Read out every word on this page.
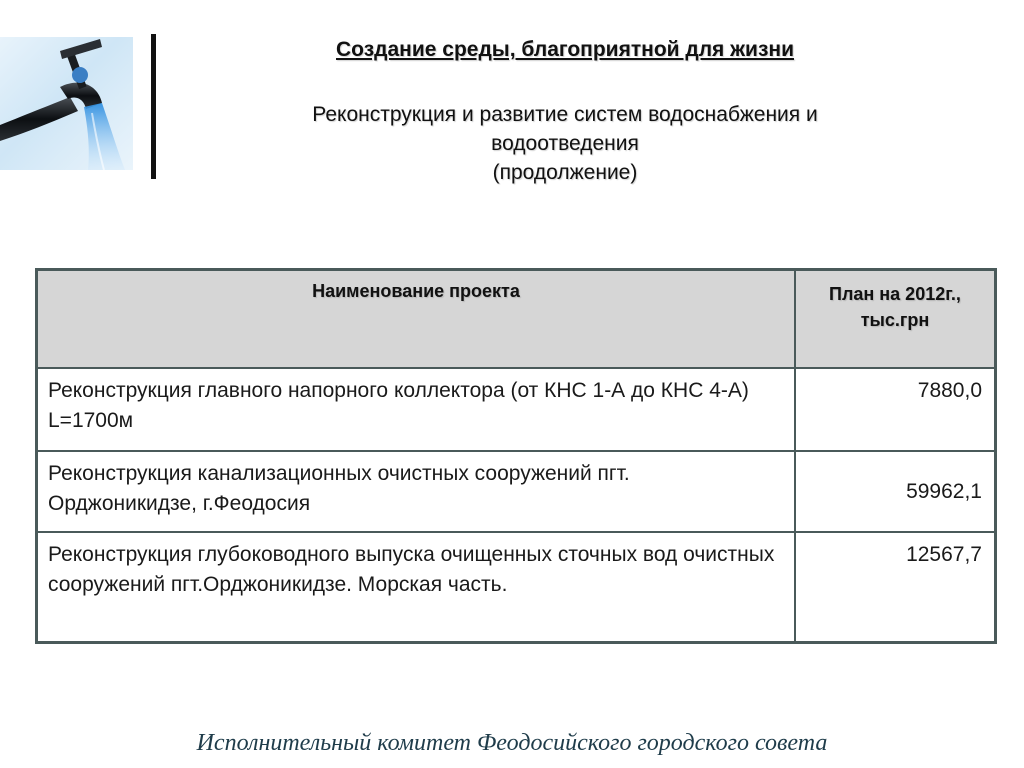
Создание среды, благоприятной для жизни
Реконструкция и развитие систем водоснабжения и
водоотведения
(продолжение)
Наименование проекта	План на 2012г.,
тыс.грн

Реконструкция главного напорного коллектора (от КНС 1-А до КНС 4-А) L=1700м	7880,0
Реконструкция канализационных очистных сооружений пгт. Орджоникидзе, г.Феодосия	59962,1
Реконструкция глубоководного выпуска очищенных сточных вод очистных сооружений пгт.Орджоникидзе. Морская часть.	12567,7
Исполнительный комитет Феодосийского городского совета
